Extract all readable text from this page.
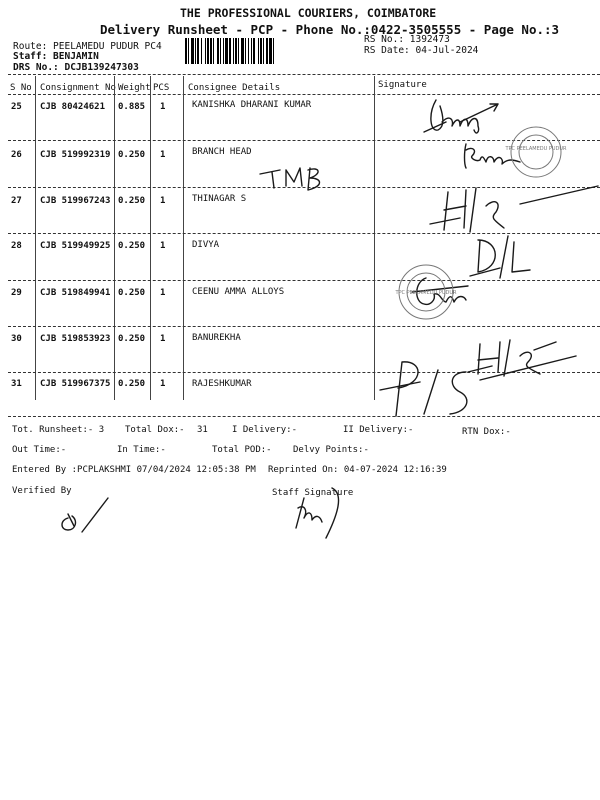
THE PROFESSIONAL COURIERS, COIMBATORE
Delivery Runsheet - PCP - Phone No.:0422-3505555 - Page No.:3
Route: PEELAMEDU PUDUR PC4
Staff: BENJAMIN
DRS No.: DCJB139247303
RS No.: 1392473
RS Date: 04-Jul-2024
S No Consignment No Weight PCS Consignee Details	Signature
25 CJB 80424621 0.885 1	KANISHKA DHARANI KUMAR
26 CJB 519992319 0.250 1	BRANCH HEAD
27 CJB 519967243 0.250 1	THINAGAR S
28 CJB 519949925 0.250 1	DIVYA
29 CJB 519849941 0.250 1	CEENU AMMA ALLOYS
30 CJB 519853923 0.250 1	BANUREKHA
31 CJB 519967375 0.250 1	RAJESHKUMAR
Tot. Runsheet:- 3 Total Dox:- 31	I Delivery:-	II Delivery:-	RTN Dox:-
Out Time:-	In Time:-	Total POD:- Delvy Points:-
Entered By :PCPLAKSHMI 07/04/2024 12:05:38 PM Reprinted On: 04-07-2024 12:16:39
Verified By	Staff Signature
TPC PEELAMEDU PUDUR
TPC PEELAMEDU PUDUR
